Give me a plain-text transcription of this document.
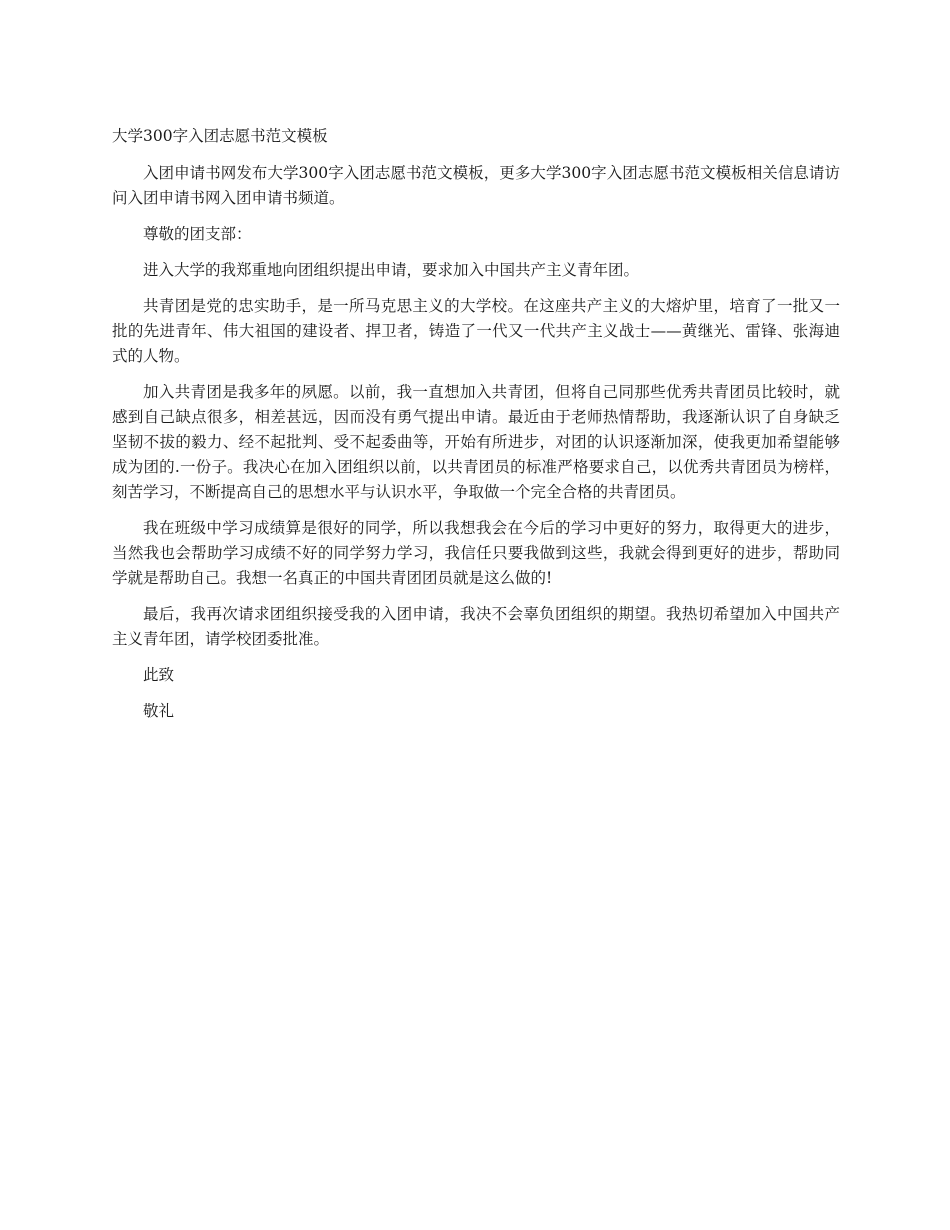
大学300字入团志愿书范文模板

入团申请书网发布大学300字入团志愿书范文模板，更多大学300字入团志愿书范文模板相关信息请访问入团申请书网入团申请书频道。

尊敬的团支部：

进入大学的我郑重地向团组织提出申请，要求加入中国共产主义青年团。

共青团是党的忠实助手，是一所马克思主义的大学校。在这座共产主义的大熔炉里，培育了一批又一批的先进青年、伟大祖国的建设者、捍卫者，铸造了一代又一代共产主义战士——黄继光、雷锋、张海迪式的人物。

加入共青团是我多年的夙愿。以前，我一直想加入共青团，但将自己同那些优秀共青团员比较时，就感到自己缺点很多，相差甚远，因而没有勇气提出申请。最近由于老师热情帮助，我逐渐认识了自身缺乏坚韧不拔的毅力、经不起批判、受不起委曲等，开始有所进步，对团的认识逐渐加深，使我更加希望能够成为团的.一份子。我决心在加入团组织以前，以共青团员的标准严格要求自己，以优秀共青团员为榜样，刻苦学习，不断提高自己的思想水平与认识水平，争取做一个完全合格的共青团员。

我在班级中学习成绩算是很好的同学，所以我想我会在今后的学习中更好的努力，取得更大的进步，当然我也会帮助学习成绩不好的同学努力学习，我信任只要我做到这些，我就会得到更好的进步，帮助同学就是帮助自己。我想一名真正的中国共青团团员就是这么做的!

最后，我再次请求团组织接受我的入团申请，我决不会辜负团组织的期望。我热切希望加入中国共产主义青年团，请学校团委批准。

此致

敬礼
